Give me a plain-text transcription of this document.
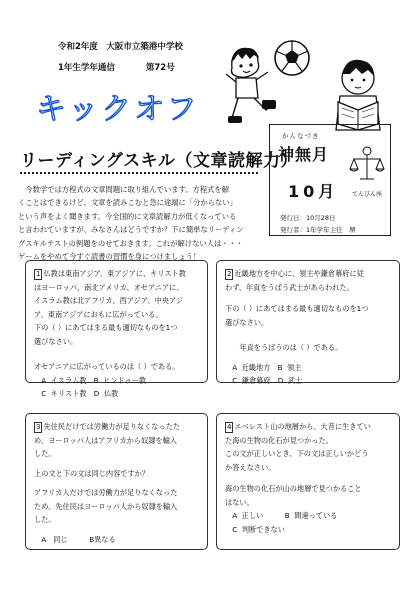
令和2年度　大阪市立築港中学校
1年生学年通信	第72号
キックオフ
リーディングスキル（文章読解力）
かんなづき
神無月
10月 てんびん座
発行日：10月28日
発行者：1年学年主任　堺

　今数学では方程式の文章問題に取り組んでいます。方程式を解

くことはできるけど、文章を読みこむと急に途端に「分からない」

という声をよく聞きます。今全国的に文章読解力が低くなっている

と言われていますが、みなさんはどうですか？下に簡単なリーディン

グスキルテストの例題をのせておきます。これが解けない人は・・・

ゲームをやめて今すぐ読書の習慣を身につけましょう！

1 仏教は東南アジア、東アジアに、キリスト教
はヨーロッパ、南北アメリカ、オセアニアに、
イスラム教は北アフリカ、西アジア、中央アジ
ア、東南アジアにおもに広がっている。
下の（ ）にあてはまる最も適切なものを1つ
選びなさい。
オセアニアに広がっているのは（ ）である。
　A  イスラム教　B  ヒンドゥー教
　C  キリスト教　D  仏教
2 近畿地方を中心に、領主や鎌倉幕府に従
わず、年貢をうばう武士があらわれた。
下の（ ）にあてはまる最も適切なものを1つ
選びなさい。
　　年貢をうばうのは（ ）である。
　A  近畿地方　B  領主
　C  鎌倉幕府　D  武士
3 先住民だけでは労働力が足りなくなったた
め、ヨーロッパ人はアフリカから奴隷を輸入
した。
上の文と下の文は同じ内容ですか？
アフリカ人だけでは労働力が足りなくなった
ため、先住民はヨーロッパ人から奴隷を輸入
した。
　A　同じ　　　B異なる
4 エベレスト山の地層から、大昔に生きてい
た海の生物の化石が見つかった。
この文が正しいとき、下の文は正しいかどう
か答えなさい。
海の生物の化石が山の地層で見つかること
はない。
　A  正しい　　　B  間違っている
　C  判断できない
